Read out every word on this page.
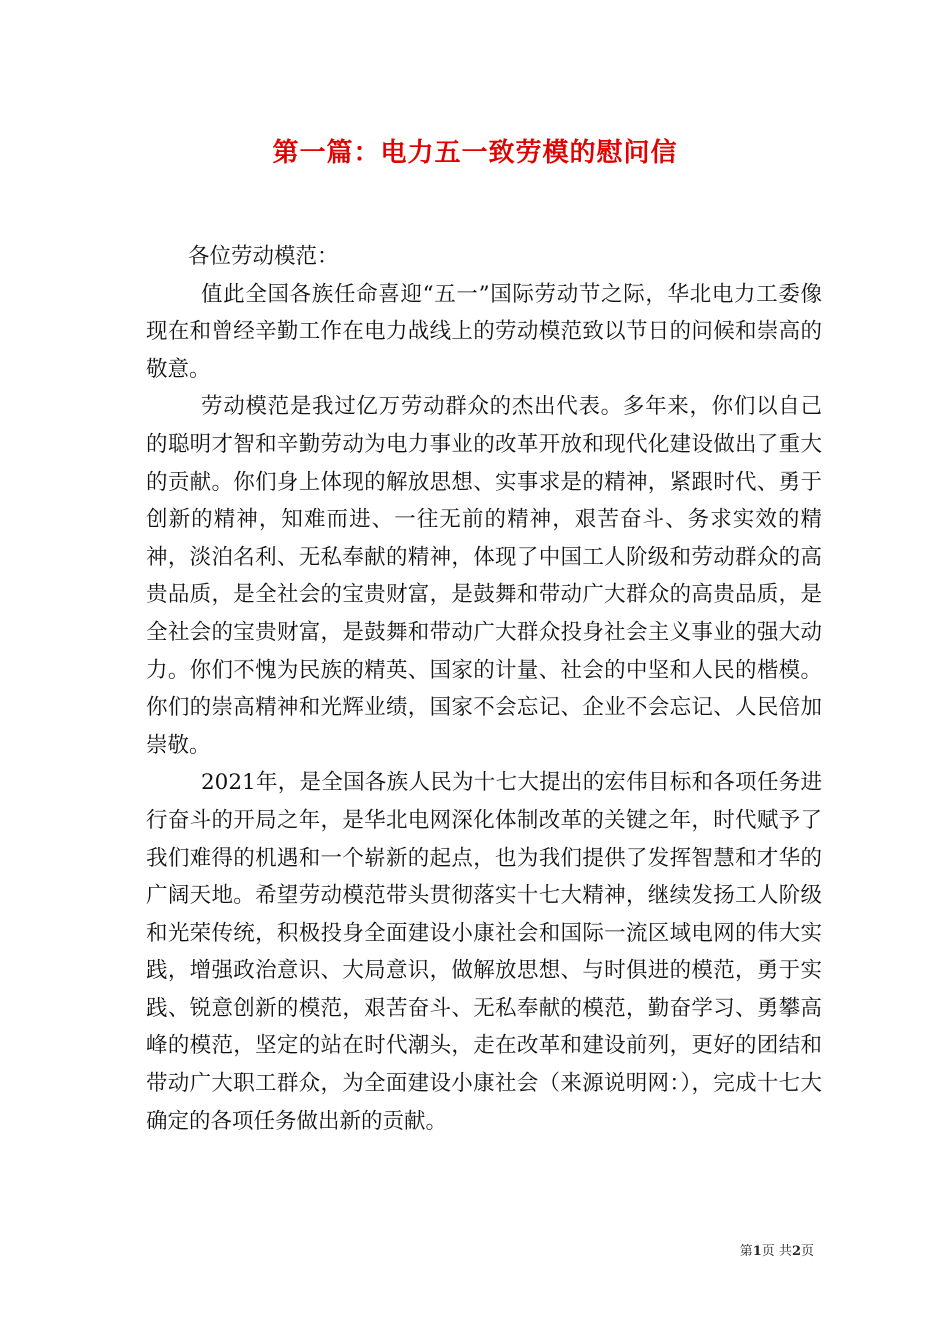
第一篇：电力五一致劳模的慰问信

各位劳动模范：

值此全国各族任命喜迎“五一”国际劳动节之际，华北电力工委像现在和曾经辛勤工作在电力战线上的劳动模范致以节日的问候和崇高的敬意。

劳动模范是我过亿万劳动群众的杰出代表。多年来，你们以自己的聪明才智和辛勤劳动为电力事业的改革开放和现代化建设做出了重大的贡献。你们身上体现的解放思想、实事求是的精神，紧跟时代、勇于创新的精神，知难而进、一往无前的精神，艰苦奋斗、务求实效的精神，淡泊名利、无私奉献的精神，体现了中国工人阶级和劳动群众的高贵品质，是全社会的宝贵财富，是鼓舞和带动广大群众的高贵品质，是全社会的宝贵财富，是鼓舞和带动广大群众投身社会主义事业的强大动力。你们不愧为民族的精英、国家的计量、社会的中坚和人民的楷模。你们的崇高精神和光辉业绩，国家不会忘记、企业不会忘记、人民倍加崇敬。

2021年，是全国各族人民为十七大提出的宏伟目标和各项任务进行奋斗的开局之年，是华北电网深化体制改革的关键之年，时代赋予了我们难得的机遇和一个崭新的起点，也为我们提供了发挥智慧和才华的广阔天地。希望劳动模范带头贯彻落实十七大精神，继续发扬工人阶级和光荣传统，积极投身全面建设小康社会和国际一流区域电网的伟大实践，增强政治意识、大局意识，做解放思想、与时俱进的模范，勇于实践、锐意创新的模范，艰苦奋斗、无私奉献的模范，勤奋学习、勇攀高峰的模范，坚定的站在时代潮头，走在改革和建设前列，更好的团结和带动广大职工群众，为全面建设小康社会（来源说明网：），完成十七大确定的各项任务做出新的贡献。

第1页 共2页
